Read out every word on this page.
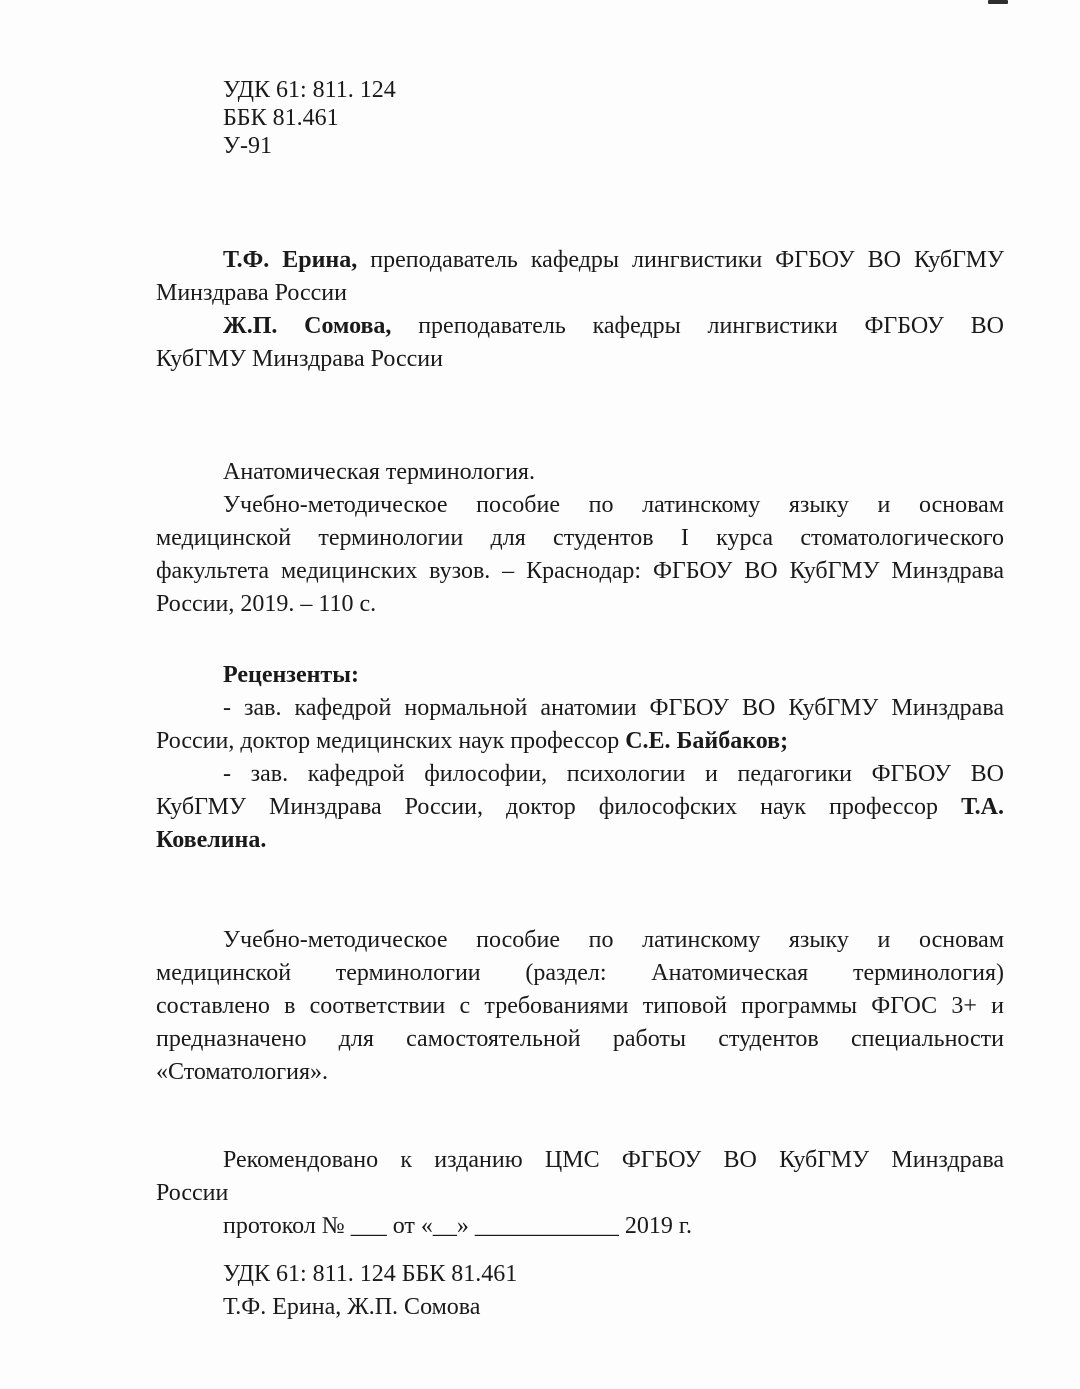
УДК 61: 811. 124
ББК 81.461
У-91
Т.Ф. Ерина, преподаватель кафедры лингвистики ФГБОУ ВО КубГМУ
Минздрава России
Ж.П. Сомова, преподаватель кафедры лингвистики ФГБОУ ВО
КубГМУ Минздрава России
Анатомическая терминология.
Учебно-методическое пособие по латинскому языку и основам
медицинской терминологии для студентов I курса стоматологического
факультета медицинских вузов. – Краснодар: ФГБОУ ВО КубГМУ Минздрава
России, 2019. – 110 с.
Рецензенты:
- зав. кафедрой нормальной анатомии ФГБОУ ВО КубГМУ Минздрава
России, доктор медицинских наук профессор С.Е. Байбаков;
- зав. кафедрой философии, психологии и педагогики ФГБОУ ВО
КубГМУ Минздрава России, доктор философских наук профессор Т.А.
Ковелина.
Учебно-методическое пособие по латинскому языку и основам
медицинской терминологии (раздел: Анатомическая терминология)
составлено в соответствии с требованиями типовой программы ФГОС 3+ и
предназначено для самостоятельной работы студентов специальности
«Стоматология».
Рекомендовано к изданию ЦМС ФГБОУ ВО КубГМУ Минздрава
России
протокол № ___ от «__» ____________ 2019 г.
УДК 61: 811. 124 ББК 81.461
Т.Ф. Ерина, Ж.П. Сомова
